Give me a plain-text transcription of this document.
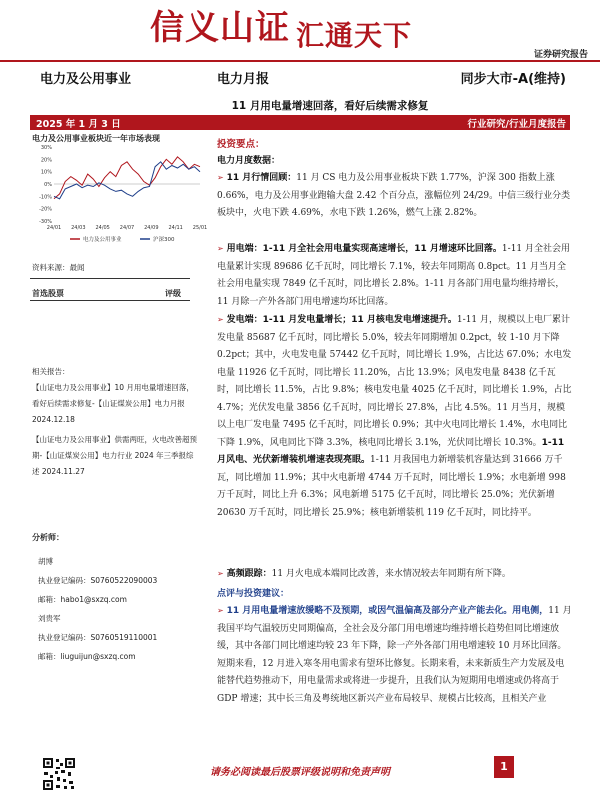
信义山证 汇通天下
证券研究报告
电力及公用事业	电力月报	同步大市-A(维持)
11 月用电量增速回落，看好后续需求修复
2025 年 1 月 3 日	行业研究/行业月度报告
电力及公用事业板块近一年市场表现
30%
20%
10%
0%
-10%
-20%
-30%
24/01 24/03 24/05 24/07 24/09 24/11 25/01
电力及公用事业	沪深300
资料来源：最闻
首选股票	评级
相关报告：
【山证电力及公用事业】10 月用电量增速回落，看好后续需求修复-【山证煤炭公用】电力月报 2024.12.18
【山证电力及公用事业】供需两旺，火电改善超预期-【山证煤炭公用】电力行业 2024 年三季报综述 2024.11.27
分析师：
胡博
执业登记编码：S0760522090003
邮箱：habo1@sxzq.com
刘贵军
执业登记编码：S0760519110001
邮箱：liuguijun@sxzq.com
投资要点：
电力月度数据：
➢ 11 月行情回顾：11 月 CS 电力及公用事业板块下跌 1.77%，沪深 300 指数上涨 0.66%，电力及公用事业跑输大盘 2.42 个百分点，涨幅位列 24/29。中信三级行业分类板块中，火电下跌 4.69%，水电下跌 1.26%，燃气上涨 2.82%。
➢ 用电端：1-11 月全社会用电量实现高速增长，11 月增速环比回落。1-11 月全社会用电量累计实现 89686 亿千瓦时，同比增长 7.1%，较去年同期高 0.8pct。11 月当月全社会用电量实现 7849 亿千瓦时，同比增长 2.8%。1-11 月各部门用电量均维持增长，11 月除一产外各部门用电增速均环比回落。
➢ 发电端：1-11 月发电量增长；11 月核电发电增速提升。1-11 月，规模以上电厂累计发电量 85687 亿千瓦时，同比增长 5.0%，较去年同期增加 0.2pct，较 1-10 月下降 0.2pct；其中，火电发电量 57442 亿千瓦时，同比增长 1.9%，占比达 67.0%；水电发电量 11926 亿千瓦时，同比增长 11.20%，占比 13.9%；风电发电量 8438 亿千瓦时，同比增长 11.5%，占比 9.8%；核电发电量 4025 亿千瓦时，同比增长 1.9%，占比 4.7%；光伏发电量 3856 亿千瓦时，同比增长 27.8%，占比 4.5%。11 月当月，规模以上电厂发电量 7495 亿千瓦时，同比增长 0.9%；其中火电同比增长 1.4%，水电同比下降 1.9%，风电同比下降 3.3%，核电同比增长 3.1%，光伏同比增长 10.3%。1-11 月风电、光伏新增装机增速表现亮眼。1-11 月我国电力新增装机容量达到 31666 万千瓦，同比增加 11.9%；其中火电新增 4744 万千瓦时，同比增长 1.9%；水电新增 998 万千瓦时，同比上升 6.3%；风电新增 5175 亿千瓦时，同比增长 25.0%；光伏新增 20630 万千瓦时，同比增长 25.9%；核电新增装机 119 亿千瓦时，同比持平。
➢ 高频跟踪：11 月火电成本端同比改善，来水情况较去年同期有所下降。
点评与投资建议：
➢ 11 月用电量增速放缓略不及预期，或因气温偏高及部分产业产能去化。用电侧，11 月我国平均气温较历史同期偏高，全社会及分部门用电增速均维持增长趋势但同比增速放缓，其中各部门同比增速均较 23 年下降，除一产外各部门用电增速较 10 月环比回落。短期来看，12 月进入寒冬用电需求有望环比修复。长期来看，未来新质生产力发展及电能替代趋势推动下，用电量需求或将进一步提升，且我们认为短期用电增速或仍将高于 GDP 增速；其中长三角及粤统地区新兴产业布局较早、规模占比较高，且相关产业
请务必阅读最后股票评级说明和免责声明	1
